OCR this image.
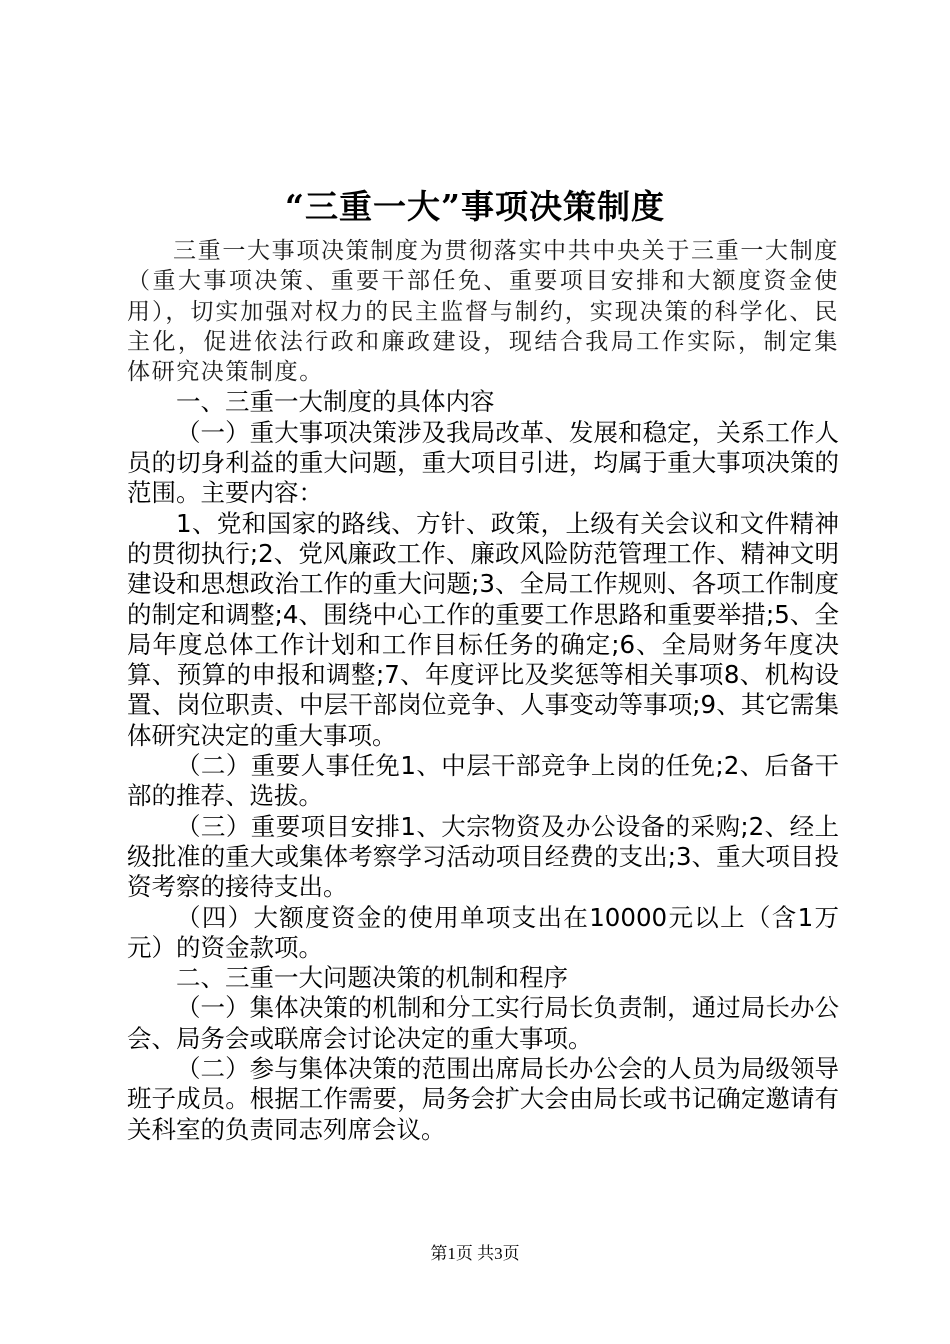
“三重一大”事项决策制度

三重一大事项决策制度为贯彻落实中共中央关于三重一大制度（重大事项决策、重要干部任免、重要项目安排和大额度资金使用），切实加强对权力的民主监督与制约，实现决策的科学化、民主化，促进依法行政和廉政建设，现结合我局工作实际，制定集体研究决策制度。

一、三重一大制度的具体内容

（一）重大事项决策涉及我局改革、发展和稳定，关系工作人员的切身利益的重大问题，重大项目引进，均属于重大事项决策的范围。主要内容：

1、党和国家的路线、方针、政策，上级有关会议和文件精神的贯彻执行;2、党风廉政工作、廉政风险防范管理工作、精神文明建设和思想政治工作的重大问题;3、全局工作规则、各项工作制度的制定和调整;4、围绕中心工作的重要工作思路和重要举措;5、全局年度总体工作计划和工作目标任务的确定;6、全局财务年度决算、预算的申报和调整;7、年度评比及奖惩等相关事项8、机构设置、岗位职责、中层干部岗位竞争、人事变动等事项;9、其它需集体研究决定的重大事项。

（二）重要人事任免1、中层干部竞争上岗的任免;2、后备干部的推荐、选拔。

（三）重要项目安排1、大宗物资及办公设备的采购;2、经上级批准的重大或集体考察学习活动项目经费的支出;3、重大项目投资考察的接待支出。

（四）大额度资金的使用单项支出在10000元以上（含1万元）的资金款项。

二、三重一大问题决策的机制和程序

（一）集体决策的机制和分工实行局长负责制，通过局长办公会、局务会或联席会讨论决定的重大事项。

（二）参与集体决策的范围出席局长办公会的人员为局级领导班子成员。根据工作需要，局务会扩大会由局长或书记确定邀请有关科室的负责同志列席会议。

第1页 共3页
